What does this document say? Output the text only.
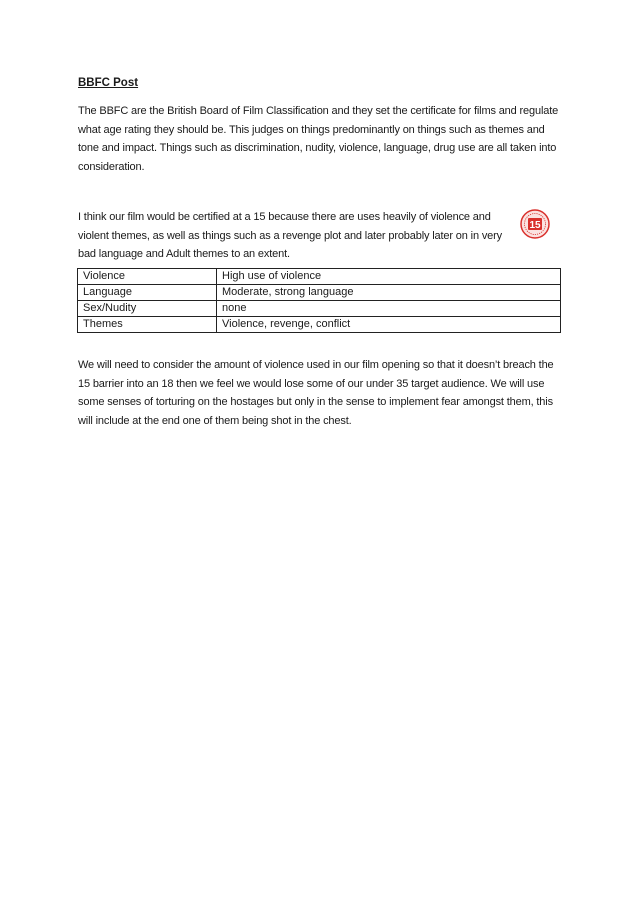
BBFC Post

The BBFC are the British Board of Film Classification and they set the certificate for films and regulate what age rating they should be. This judges on things predominantly on things such as themes and tone and impact. Things such as discrimination, nudity, violence, language, drug use are all taken into consideration.

I think our film would be certified at a 15 because there are uses heavily of violence and violent themes, as well as things such as a revenge plot and later probably later on in very bad language and Adult themes to an extent.

15
Violence	High use of violence
Language	Moderate, strong language
Sex/Nudity	none
Themes	Violence, revenge, conflict

We will need to consider the amount of violence used in our film opening so that it doesn’t breach the 15 barrier into an 18 then we feel we would lose some of our under 35 target audience. We will use some senses of torturing on the hostages but only in the sense to implement fear amongst them, this will include at the end one of them being shot in the chest.
